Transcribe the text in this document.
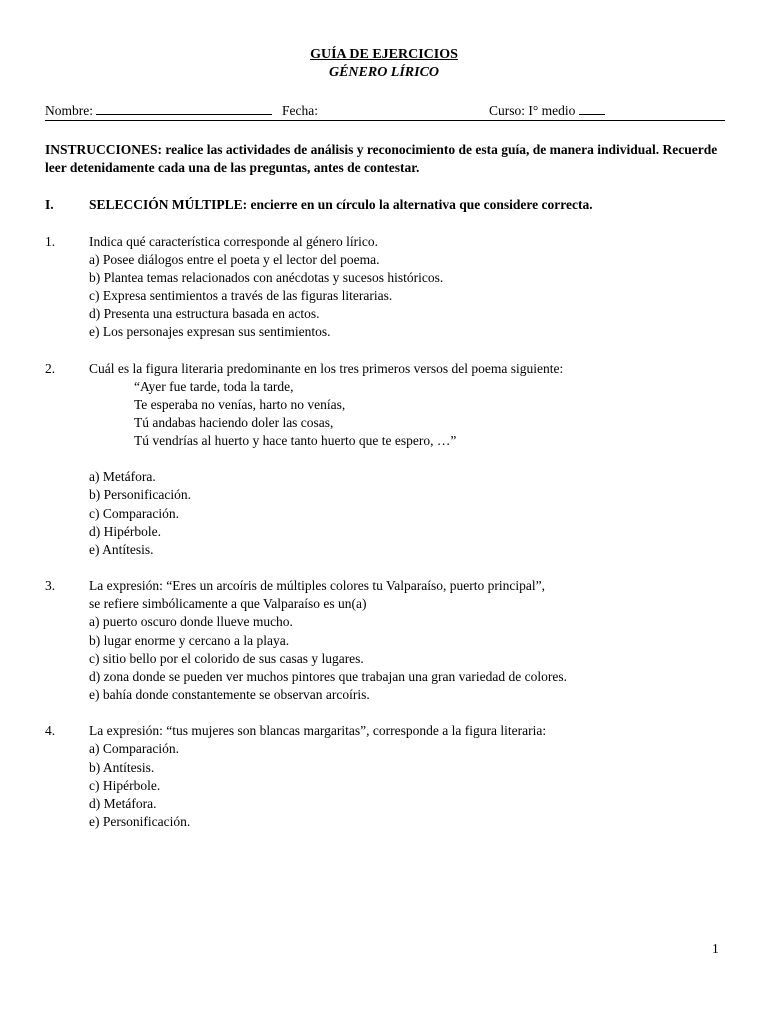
GUÍA DE EJERCICIOS
GÉNERO LÍRICO
Nombre:	Fecha:	Curso: I° medio
INSTRUCCIONES: realice las actividades de análisis y reconocimiento de esta guía, de manera individual. Recuerde leer detenidamente cada una de las preguntas, antes de contestar.
I.	SELECCIÓN MÚLTIPLE: encierre en un círculo la alternativa que considere correcta.
1.	Indica qué característica corresponde al género lírico.
a) Posee diálogos entre el poeta y el lector del poema.
b) Plantea temas relacionados con anécdotas y sucesos históricos.
c) Expresa sentimientos a través de las figuras literarias.
d) Presenta una estructura basada en actos.
e) Los personajes expresan sus sentimientos.
2.	Cuál es la figura literaria predominante en los tres primeros versos del poema siguiente:
“Ayer fue tarde, toda la tarde,
Te esperaba no venías, harto no venías,
Tú andabas haciendo doler las cosas,
Tú vendrías al huerto y hace tanto huerto que te espero, …”
a) Metáfora.
b) Personificación.
c) Comparación.
d) Hipérbole.
e) Antítesis.
3.	La expresión: “Eres un arcoíris de múltiples colores tu Valparaíso, puerto principal”,
se refiere simbólicamente a que Valparaíso es un(a)
a) puerto oscuro donde llueve mucho.
b) lugar enorme y cercano a la playa.
c) sitio bello por el colorido de sus casas y lugares.
d) zona donde se pueden ver muchos pintores que trabajan una gran variedad de colores.
e) bahía donde constantemente se observan arcoíris.
4.	La expresión: “tus mujeres son blancas margaritas”, corresponde a la figura literaria:
a) Comparación.
b) Antítesis.
c) Hipérbole.
d) Metáfora.
e) Personificación.
1
